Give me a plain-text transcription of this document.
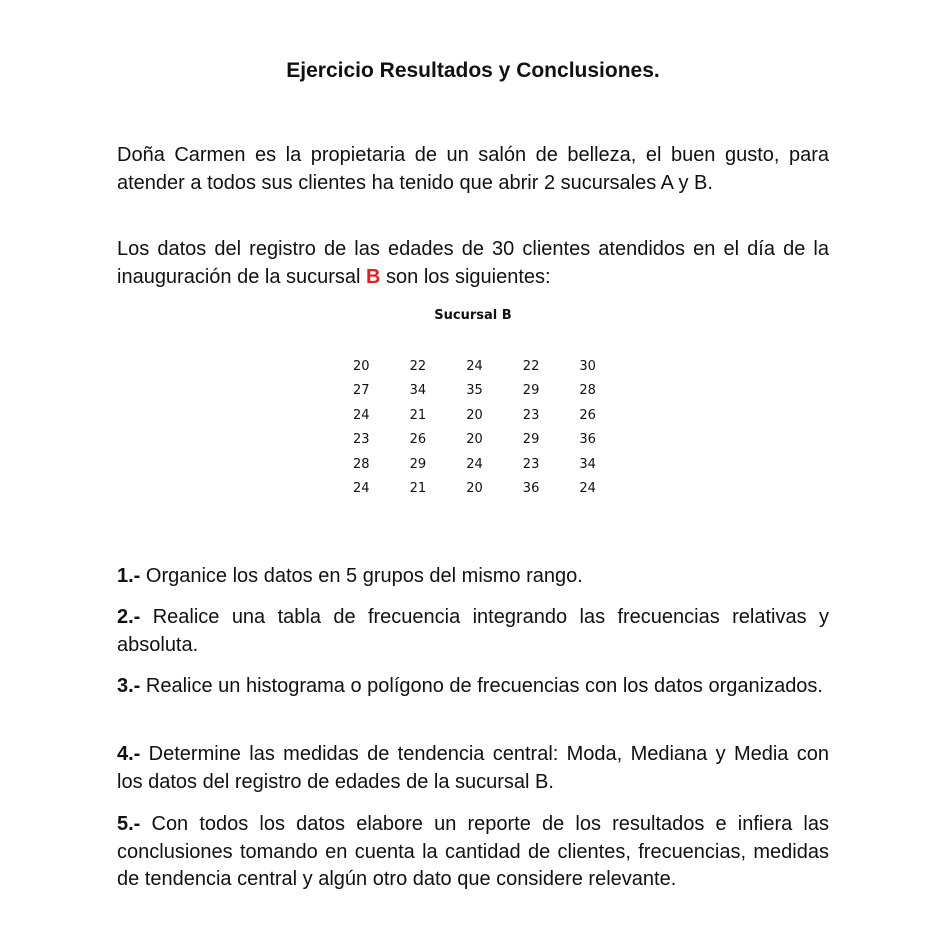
Ejercicio Resultados y Conclusiones.
Doña Carmen es la propietaria de un salón de belleza, el buen gusto, para atender a todos sus clientes ha tenido que abrir 2 sucursales A y B.
Los datos del registro de las edades de 30 clientes atendidos en el día de la inauguración de la sucursal B son los siguientes:
Sucursal B
20	22	24	22	30
27	34	35	29	28
24	21	20	23	26
23	26	20	29	36
28	29	24	23	34
24	21	20	36	24
1.- Organice los datos en 5 grupos del mismo rango.
2.- Realice una tabla de frecuencia integrando las frecuencias relativas y absoluta.
3.- Realice un histograma o polígono de frecuencias con los datos organizados.
4.- Determine las medidas de tendencia central: Moda, Mediana y Media con los datos del registro de edades de la sucursal B.
5.- Con todos los datos elabore un reporte de los resultados e infiera las conclusiones tomando en cuenta la cantidad de clientes, frecuencias, medidas de tendencia central y algún otro dato que considere relevante.
